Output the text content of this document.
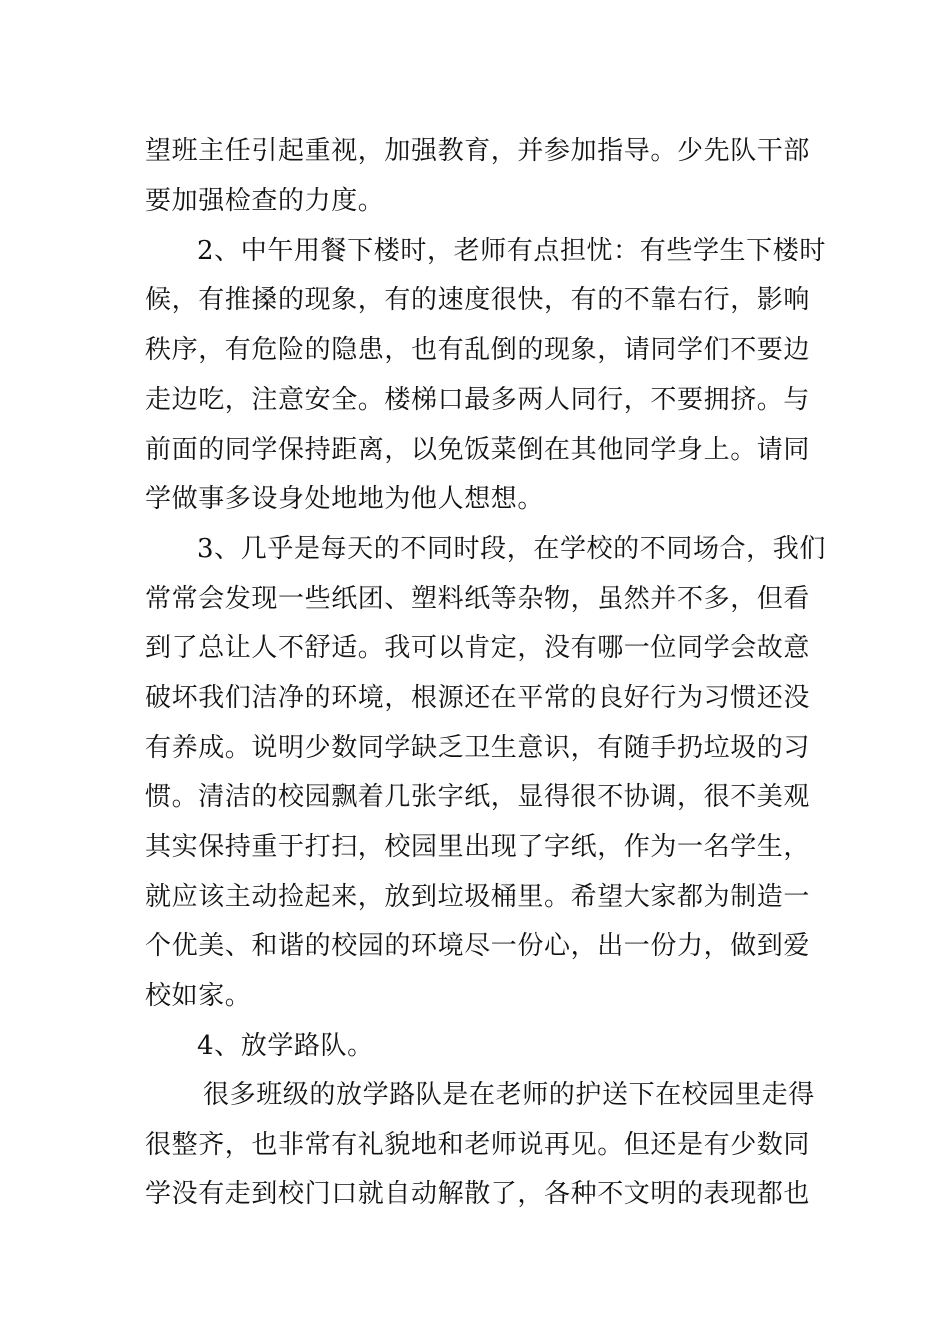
望班主任引起重视，加强教育，并参加指导。少先队干部
要加强检查的力度。
2、中午用餐下楼时，老师有点担忧：有些学生下楼时
候，有推搡的现象，有的速度很快，有的不靠右行，影响
秩序，有危险的隐患，也有乱倒的现象，请同学们不要边
走边吃，注意安全。楼梯口最多两人同行，不要拥挤。与
前面的同学保持距离，以免饭菜倒在其他同学身上。请同
学做事多设身处地地为他人想想。
3、几乎是每天的不同时段，在学校的不同场合，我们
常常会发现一些纸团、塑料纸等杂物，虽然并不多，但看
到了总让人不舒适。我可以肯定，没有哪一位同学会故意
破坏我们洁净的环境，根源还在平常的良好行为习惯还没
有养成。说明少数同学缺乏卫生意识，有随手扔垃圾的习
惯。清洁的校园飘着几张字纸，显得很不协调，很不美观
其实保持重于打扫，校园里出现了字纸，作为一名学生，
就应该主动捡起来，放到垃圾桶里。希望大家都为制造一
个优美、和谐的校园的环境尽一份心，出一份力，做到爱
校如家。
4、放学路队。
很多班级的放学路队是在老师的护送下在校园里走得
很整齐，也非常有礼貌地和老师说再见。但还是有少数同
学没有走到校门口就自动解散了，各种不文明的表现都也
